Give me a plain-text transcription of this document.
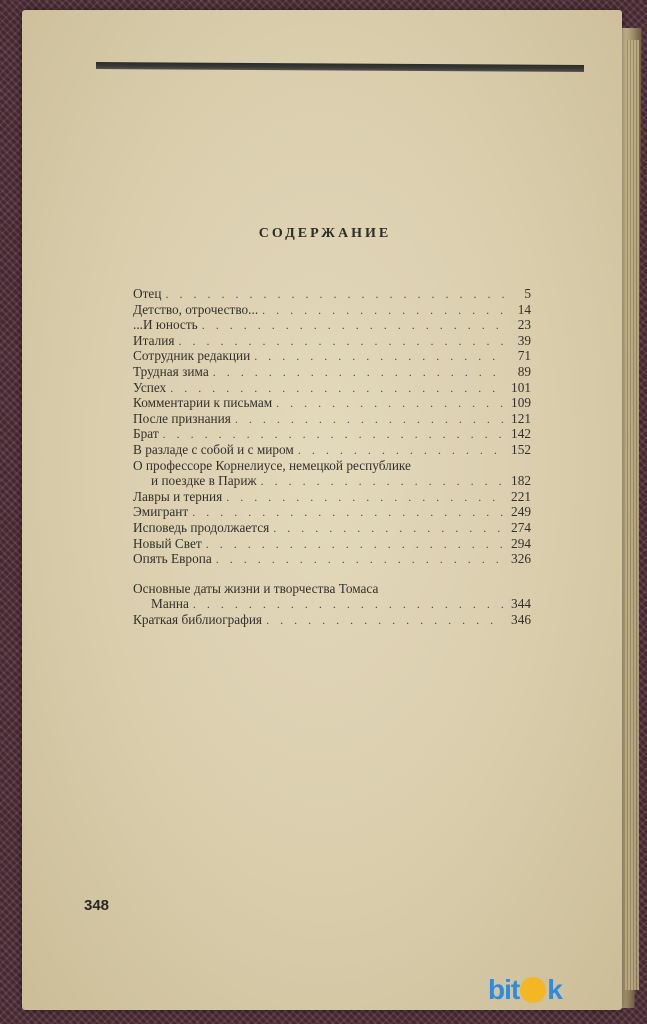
СОДЕРЖАНИЕ
Отец . . .	5
Детство, отрочество... . . .	14
...И юность . . .	23
Италия . . .	39
Сотрудник редакции . . .	71
Трудная зима . . .	89
Успех . . .	101
Комментарии к письмам . . .	109
После признания . . .	121
Брат . . .	142
В разладе с собой и с миром . . .	152
О профессоре Корнелиусе, немецкой республике
и поездке в Париж . . .	182
Лавры и терния . . .	221
Эмигрант . . .	249
Исповедь продолжается . . .	274
Новый Свет . . .	294
Опять Европа . . .	326
Основные даты жизни и творчества Томаса
Манна . . .	344
Краткая библиография . . .	346
348
bit k
